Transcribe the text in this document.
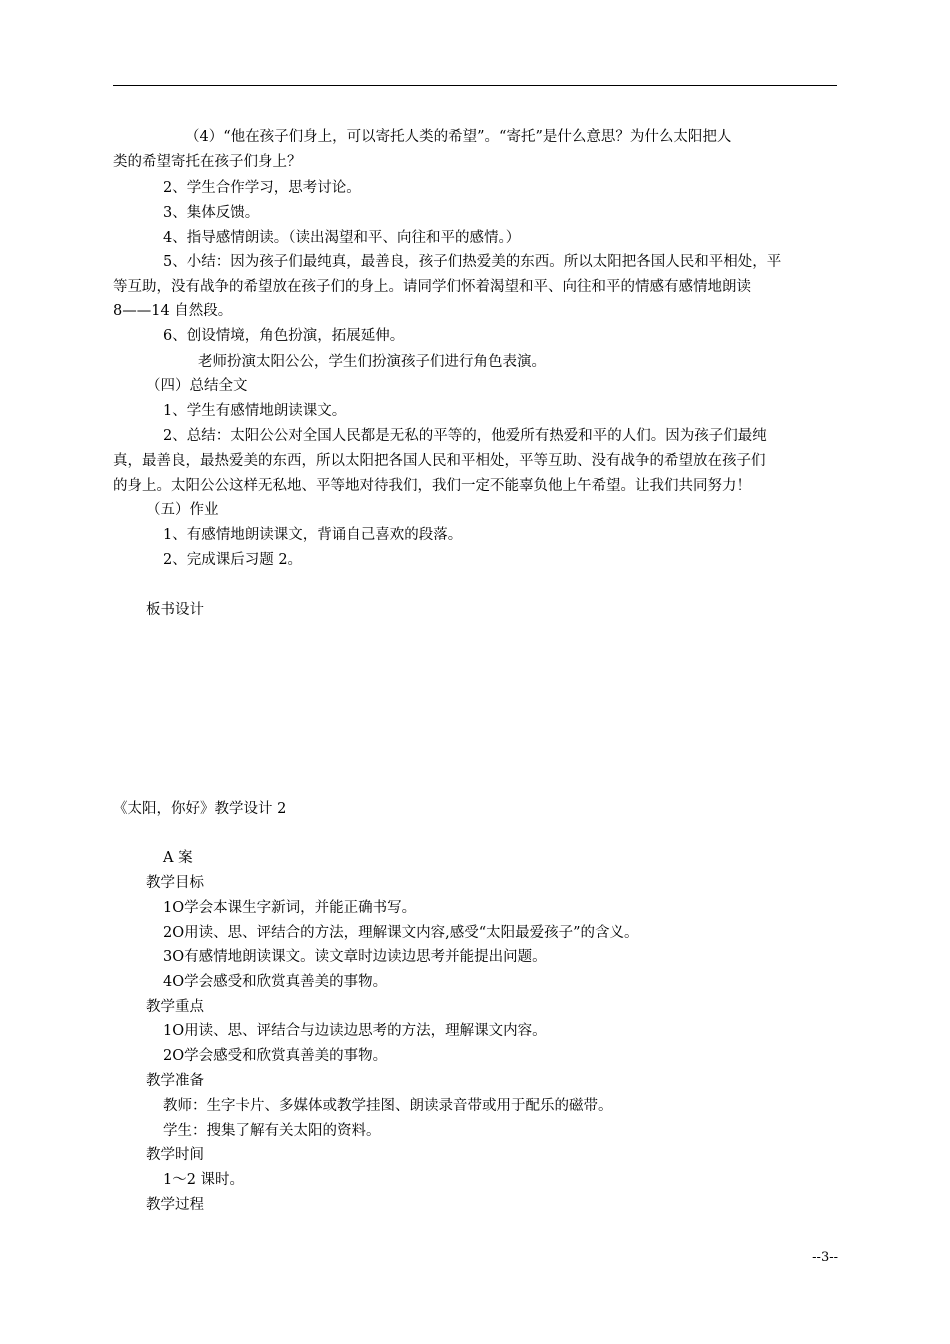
（4）“他在孩子们身上，可以寄托人类的希望”。“寄托”是什么意思？为什么太阳把人
类的希望寄托在孩子们身上？
2、学生合作学习，思考讨论。
3、集体反馈。
4、指导感情朗读。（读出渴望和平、向往和平的感情。）
5、小结：因为孩子们最纯真，最善良，孩子们热爱美的东西。所以太阳把各国人民和平相处，平
等互助，没有战争的希望放在孩子们的身上。请同学们怀着渴望和平、向往和平的情感有感情地朗读
8——14 自然段。
6、创设情境，角色扮演，拓展延伸。
老师扮演太阳公公，学生们扮演孩子们进行角色表演。
（四）总结全文
1、学生有感情地朗读课文。
2、总结：太阳公公对全国人民都是无私的平等的，他爱所有热爱和平的人们。因为孩子们最纯
真，最善良，最热爱美的东西，所以太阳把各国人民和平相处，平等互助、没有战争的希望放在孩子们
的身上。太阳公公这样无私地、平等地对待我们，我们一定不能辜负他上午希望。让我们共同努力！
（五）作业
1、有感情地朗读课文，背诵自己喜欢的段落。
2、完成课后习题 2。
板书设计
《太阳，你好》教学设计 2
A 案
教学目标
1O学会本课生字新词，并能正确书写。
2O用读、思、评结合的方法，理解课文内容,感受“太阳最爱孩子”的含义。
3O有感情地朗读课文。读文章时边读边思考并能提出问题。
4O学会感受和欣赏真善美的事物。
教学重点
1O用读、思、评结合与边读边思考的方法，理解课文内容。
2O学会感受和欣赏真善美的事物。
教学准备
教师：生字卡片、多媒体或教学挂图、朗读录音带或用于配乐的磁带。
学生：搜集了解有关太阳的资料。
教学时间
1～2 课时。
教学过程
--3--
